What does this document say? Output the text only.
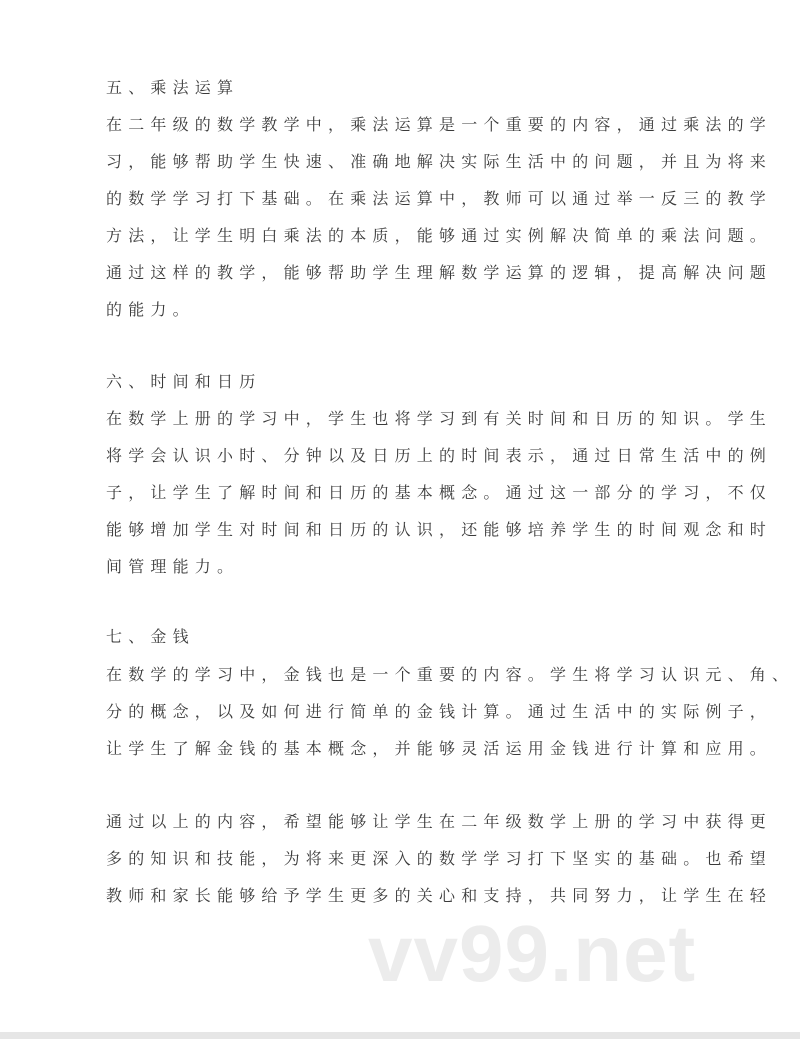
五、乘法运算
在二年级的数学教学中，乘法运算是一个重要的内容，通过乘法的学
习，能够帮助学生快速、准确地解决实际生活中的问题，并且为将来
的数学学习打下基础。在乘法运算中，教师可以通过举一反三的教学
方法，让学生明白乘法的本质，能够通过实例解决简单的乘法问题。
通过这样的教学，能够帮助学生理解数学运算的逻辑，提高解决问题
的能力。
六、时间和日历
在数学上册的学习中，学生也将学习到有关时间和日历的知识。学生
将学会认识小时、分钟以及日历上的时间表示，通过日常生活中的例
子，让学生了解时间和日历的基本概念。通过这一部分的学习，不仅
能够增加学生对时间和日历的认识，还能够培养学生的时间观念和时
间管理能力。
七、金钱
在数学的学习中，金钱也是一个重要的内容。学生将学习认识元、角、
分的概念，以及如何进行简单的金钱计算。通过生活中的实际例子，
让学生了解金钱的基本概念，并能够灵活运用金钱进行计算和应用。
通过以上的内容，希望能够让学生在二年级数学上册的学习中获得更
多的知识和技能，为将来更深入的数学学习打下坚实的基础。也希望
教师和家长能够给予学生更多的关心和支持，共同努力，让学生在轻
vv99.net
